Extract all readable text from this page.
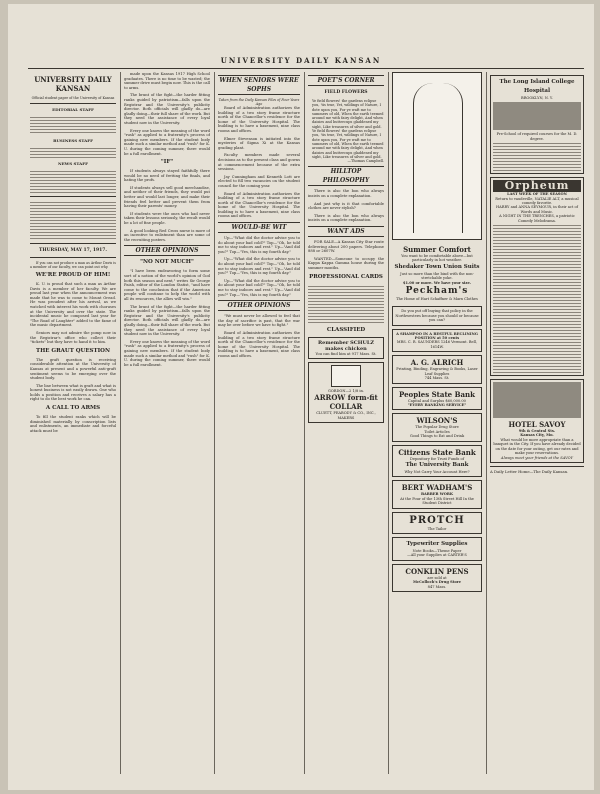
UNIVERSITY DAILY KANSAN
UNIVERSITY DAILY KANSAN
Official student paper of the University of Kansas
EDITORIAL STAFF
BUSINESS STAFF
NEWS STAFF
THURSDAY, MAY 17, 1917.

If you can not produce a man as Arthur Davis is a member of our faculty, we can point out why.

WE'RE PROUD OF HIM!

K. U. is proud that such a man as Arthur Davis is a member of her faculty. We are proud last year when the announcement was made that he was to come to Mount Oread. He was proudest after his arrival, as we watched with interest his work with choruses at the University and over the state. The incidental music he composed last year for "The Road of Laughter" added to the fame of the music department.

Seniors may not admire the pomp now in the Registrar's office who collect their "tickets" but they have to hand it to him.

THE GRAUT QUESTION

The graft question is receiving considerable attention at the University of Kansas at present and a powerful anti-graft sentiment seems to be emerging over the student body.

The line between what is graft and what is honest business is not easily drawn. One who holds a position and receives a salary has a right to do the best work he can.

A CALL TO ARMS

To fill the student ranks which will be diminished materially by conscription lists and enlistments, an immediate and forceful attack must be

made upon the Kansas 1917 High School graduates. There is no time to be wasted; the summer drive must begin now. This is the call to arms.

The brunt of the fight—the harder fitting ranks guided by patriotism—falls upon the Registrar and the University's publicity director. Both officials will gladly do—are gladly doing—their full share of the work. But they need the assistance of every loyal student now in the University.

Every one knows the meaning of the word "rush" as applied to a fraternity's process of gaining new members. If the student body made such a similar method and "rush" for K. U. during the coming summer, there would be a full enrollment.

"IF"

If students always stayed faithfully there would be no need of fretting the finals, and hating the profs.

If students always sell good merchandise, and neither of their friends, they would put better and would last longer, and make their friends feel better and prevent them from having their parents' money.

If students were the ones who had never taken their lessons seriously, the result would be a lot of fine people.

A good looking Red Cross nurse is more of an incentive to enlistment than are some of the recruiting posters.

OTHER OPINIONS
"NO NOT MUCH"

"I have been endeavoring to form some sort of a notion of the world's opinion of God both this season and next," writes Sir George Paish, editor of the London Statist, "and have come to the conclusion that if the American people will continue to help the world with all its resources, the allies will win."

The brunt of the fight—the harder fitting ranks guided by patriotism—falls upon the Registrar and the University's publicity director. Both officials will gladly do—are gladly doing—their full share of the work. But they need the assistance of every loyal student now in the University.

Every one knows the meaning of the word "rush" as applied to a fraternity's process of gaining new members. If the student body made such a similar method and "rush" for K. U. during the coming summer, there would be a full enrollment.

WHEN SENIORS WERE SOPHS
Taken from the Daily Kansan Files of Four Years Ago

Board of Administration authorizes the building of a two story frame structure north of the Chancellor's residence for the home of the University Hospital. The building is to have a basement, nine class rooms and offices.

Elmer Stevenson is initiated into the mysteries of Sigma Xi at the Kansas grading plant.

Faculty members made several decisions as to the present class and gowns at commencement because of the extra sessions.

Jay Cunningham and Kenneth Lott are elected to fill two vacancies on the student council for the coming year.

Board of Administration authorizes the building of a two story frame structure north of the Chancellor's residence for the home of the University Hospital. The building is to have a basement, nine class rooms and offices.

WOULD-BE WIT

Up—"What did the doctor advise you to do about your bad cold?" Top—"Oh, he told me to stay indoors and rest." Up—"And did you?" Top—"Yes, this is my fourth day."

Up—"What did the doctor advise you to do about your bad cold?" Top—"Oh, he told me to stay indoors and rest." Up—"And did you?" Top—"Yes, this is my fourth day."

Up—"What did the doctor advise you to do about your bad cold?" Top—"Oh, he told me to stay indoors and rest." Up—"And did you?" Top—"Yes, this is my fourth day."

OTHER OPINIONS

"We must never be allowed to feel that the day of sacrifice is past, that the war may be over before we have to fight."

Board of Administration authorizes the building of a two story frame structure north of the Chancellor's residence for the home of the University Hospital. The building is to have a basement, nine class rooms and offices.

POET'S CORNER
FIELD FLOWERS
Ye field flowers! the gardens eclipse you, 'tis true, Yet, wildings of Nature, I dote upon you, For ye waft me to summers of old, When the earth teemed around me with fairy delight, And when daisies and buttercups gladdened my sight, Like treasures of silver and gold.
Ye field flowers! the gardens eclipse you, 'tis true, Yet, wildings of Nature, I dote upon you, For ye waft me to summers of old, When the earth teemed around me with fairy delight, And when daisies and buttercups gladdened my sight, Like treasures of silver and gold.
—Thomas Campbell.
HILLTOP PHILOSOPHY

There is also the bon who always insists on a complete explanation.

And just why is it that comfortable clothes are never stylish?

There is also the bon who always insists on a complete explanation.

WANT ADS

FOR SALE—A Kansas City Star route delivering about 200 papers. Telephone 888 or 2607W.

WANTED—Someone to occupy the Kappa Kappa Gamma house during the summer months.

PROFESSIONAL CARDS
CLASSIFIED
Remember SCHULZ makes chicken
You can find him at 917 Mass. St.
GORDON—2 1/8 in.
ARROW form-fit COLLAR
CLUETT, PEABODY & CO., INC., MAKERS
Summer Comfort
You want to be comfortable above—but particularly in hot weather.
Shedaker Town Union Suits
Just so more than the bind with the non-stretchable yoke.
$1.00 or more. We have your size.
Peckham's
The Home of Hart Schaffner & Marx Clothes
Do you put off buying that policy in the Northwestern because you should or because you can?
A SHAMPOO IN A RESTFUL RECLINING POSITION at 50 cents
MRS. C. R. SAUNDERS 1246 Vermont. Bell, 1614W.
A. G. ALRICH
Printing, Binding, Engraving & Books, Laser Leaf Supplies
744 Mass. St.
Peoples State Bank
Capital and Surplus $60,000.00
"EVERY BANKING SERVICE"
WILSON'S
The Popular Drug Store
Toilet Articles
Good Things to Eat and Drink
Citizens State Bank
Depository for Trust Funds of
The University Bank
Why Not Carry Your Account Here?
BERT WADHAM'S
BARBER WORK
At the Four of the 13th Street Hill In the Student District
PROTCH
The Tailor
Typewriter Supplies
Note Books—Theme Paper
—All your Supplies at CARTER'S
CONKLIN PENS
are sold at
McColloch's Drug Store
847 Mass.
The Long Island College Hospital
BROOKLYN, N. Y.
Pre-School of required courses for the M. D. degree.
Orpheum
LAST WEEK OF THE SEASON
Return to vaudeville, NATALIE ALT, a musical comedy favorite.
HARRY and ANNA SEYMOUR, in their act of Words and Music.
A NIGHT IN THE TRENCHES, a patriotic Comedy Melodrama.
HOTEL SAVOY
9th & Central Sts.
Kansas City, Mo.
What would be more appropriate than a banquet in the City. If you have already decided on the date for your outing, get our rates and make your reservations.
Always meet your friends at the SAVOY
A Daily Letter Home—The Daily Kansan.
